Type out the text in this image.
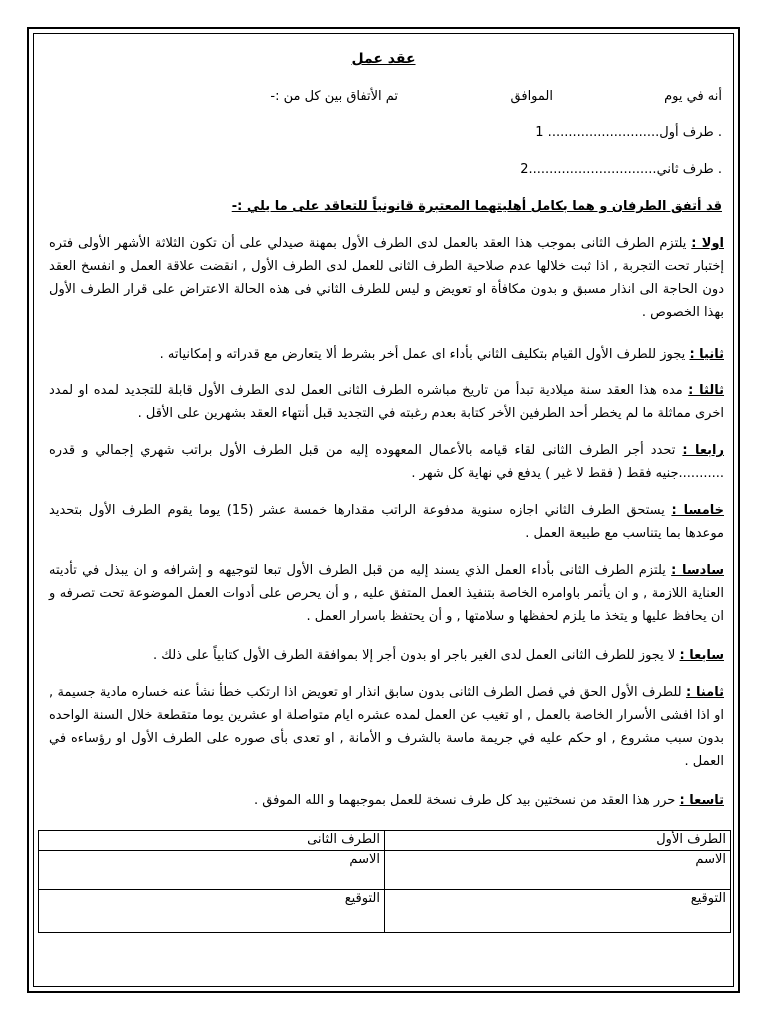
عقد عمل
أنه في يوم
الموافق
تم الأتفاق بين كل من :-
1 ...........................طرف أول .
2...............................طرف ثاني .
قد أتفق الطرفان و هما بكامل أهليتهما المعتبرة قانونياً للتعاقد على ما يلي :-
اولا : يلتزم الطرف الثانى بموجب هذا العقد بالعمل لدى الطرف الأول بمهنة صيدلي على أن تكون الثلاثة الأشهر الأولى فتره إختبار تحت التجربة , اذا ثبت خلالها عدم صلاحية الطرف الثانى للعمل لدى الطرف الأول , انقضت علاقة العمل و انفسخ العقد دون الحاجة الى انذار مسبق و بدون مكافأة او تعويض و ليس للطرف الثاني فى هذه الحالة الاعتراض على قرار الطرف الأول بهذا الخصوص .
ثانيا : يجوز للطرف الأول القيام بتكليف الثاني بأداء اى عمل أخر بشرط ألا يتعارض مع قدراته و إمكانياته .
ثالثا : مده هذا العقد سنة ميلادية تبدأ من تاريخ مباشره الطرف الثانى العمل لدى الطرف الأول قابلة للتجديد لمده او لمدد اخرى مماثلة ما لم يخطر أحد الطرفين الأخر كتابة بعدم رغبته في التجديد قبل أنتهاء العقد بشهرين على الأقل .
رابعا : تحدد أجر الطرف الثانى لقاء قيامه بالأعمال المعهوده إليه من قبل الطرف الأول براتب شهري إجمالي و قدره ...........جنيه فقط ( فقط لا غير ) يدفع في نهاية كل شهر .
خامسا : يستحق الطرف الثاني اجازه سنوية مدفوعة الراتب مقدارها خمسة عشر (15) يوما يقوم الطرف الأول بتحديد موعدها بما يتناسب مع طبيعة العمل .
سادسا : يلتزم الطرف الثانى بأداء العمل الذي يسند إليه من قبل الطرف الأول تبعا لتوجيهه و إشرافه و ان يبذل في تأديته العناية اللازمة , و ان يأتمر باوامره الخاصة بتنفيذ العمل المتفق عليه , و أن يحرص على أدوات العمل الموضوعة تحت تصرفه و ان يحافظ عليها و يتخذ ما يلزم لحفظها و سلامتها , و أن يحتفظ باسرار العمل .
سابعا : لا يجوز للطرف الثانى العمل لدى الغير باجر او بدون أجر إلا بموافقة الطرف الأول كتابياً على ذلك .
ثامنا : للطرف الأول الحق في فصل الطرف الثانى بدون سابق انذار او تعويض اذا ارتكب خطأ نشأ عنه خساره مادية جسيمة , او اذا افشى الأسرار الخاصة بالعمل , او تغيب عن العمل لمده عشره ايام متواصلة او عشرين يوما متقطعة خلال السنة الواحده بدون سبب مشروع , او حكم عليه في جريمة ماسة بالشرف و الأمانة , او تعدى بأى صوره على الطرف الأول او رؤساءه في العمل .
تاسعا : حرر هذا العقد من نسختين بيد كل طرف نسخة للعمل بموجبهما و الله الموفق .
الطرف الأول	الطرف الثانى
الاسم	الاسم
التوقيع	التوقيع
